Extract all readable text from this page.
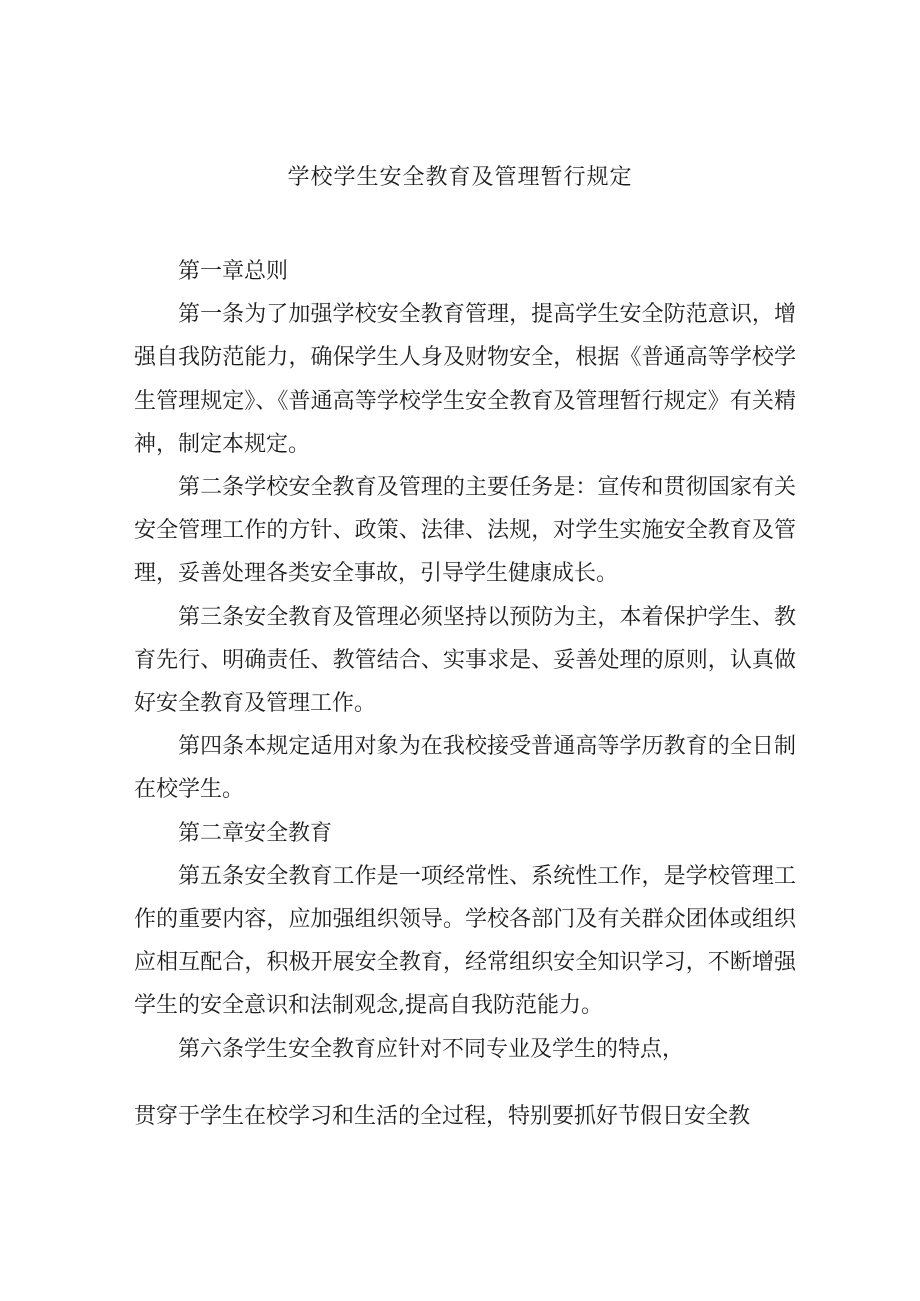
学校学生安全教育及管理暂行规定

第一章总则

第一条为了加强学校安全教育管理，提高学生安全防范意识，增强自我防范能力，确保学生人身及财物安全，根据《普通高等学校学生管理规定》、《普通高等学校学生安全教育及管理暂行规定》有关精神，制定本规定。

第二条学校安全教育及管理的主要任务是：宣传和贯彻国家有关安全管理工作的方针、政策、法律、法规，对学生实施安全教育及管理，妥善处理各类安全事故，引导学生健康成长。

第三条安全教育及管理必须坚持以预防为主，本着保护学生、教育先行、明确责任、教管结合、实事求是、妥善处理的原则，认真做好安全教育及管理工作。

第四条本规定适用对象为在我校接受普通高等学历教育的全日制在校学生。

第二章安全教育

第五条安全教育工作是一项经常性、系统性工作，是学校管理工作的重要内容，应加强组织领导。学校各部门及有关群众团体或组织应相互配合，积极开展安全教育，经常组织安全知识学习，不断增强学生的安全意识和法制观念,提高自我防范能力。

第六条学生安全教育应针对不同专业及学生的特点，

贯穿于学生在校学习和生活的全过程，特别要抓好节假日安全教
